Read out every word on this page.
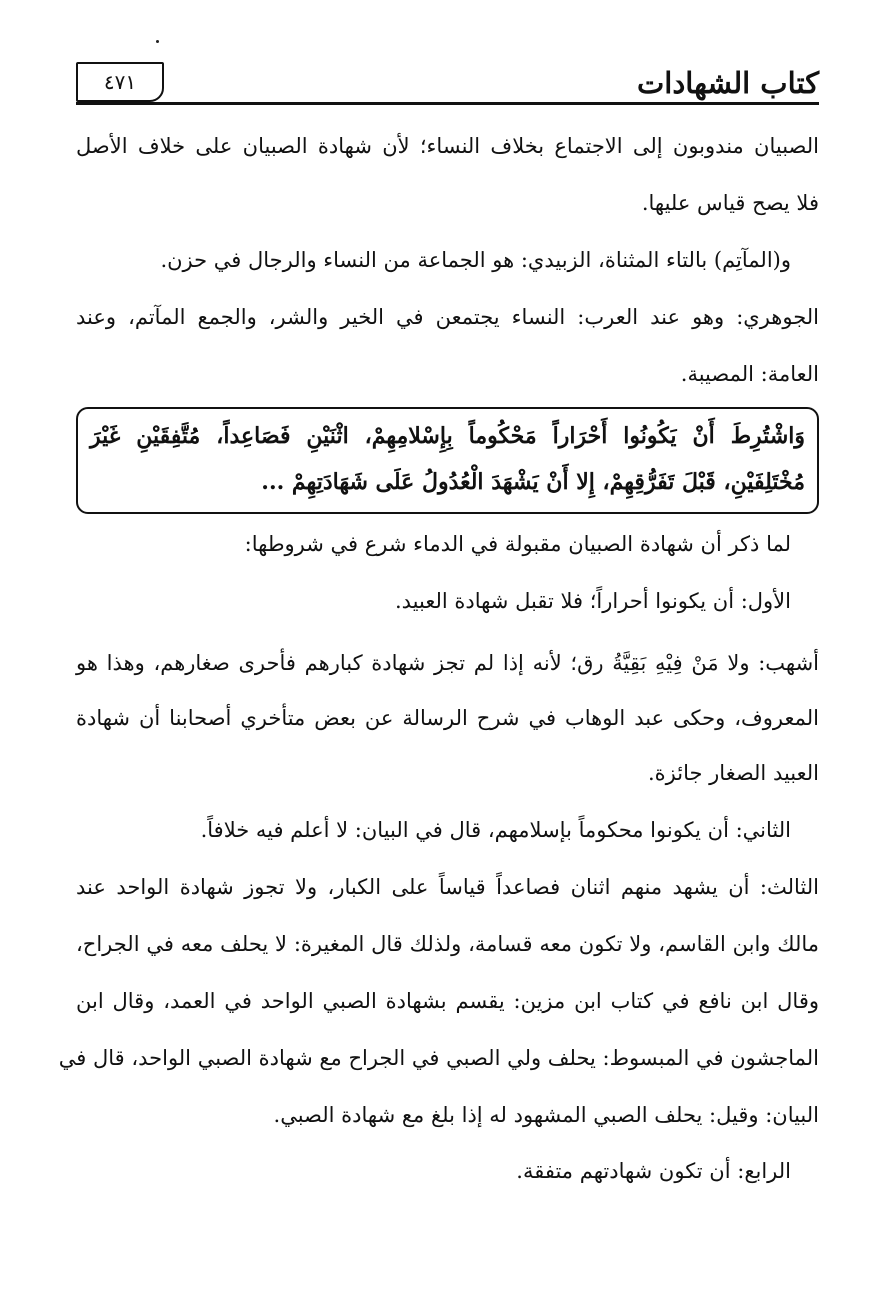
كتاب الشهادات
٤٧١
الصبيان مندوبون إلى الاجتماع بخلاف النساء؛ لأن شهادة الصبيان على خلاف الأصل
فلا يصح قياس عليها.
و(المآتِم) بالتاء المثناة، الزبيدي: هو الجماعة من النساء والرجال في حزن.
الجوهري: وهو عند العرب: النساء يجتمعن في الخير والشر، والجمع المآتم، وعند
العامة: المصيبة.
وَاشْتُرِطَ أَنْ يَكُونُوا أَحْرَاراً مَحْكُوماً بِإِسْلامِهِمْ، اثْنَيْنِ فَصَاعِداً، مُتَّفِقَيْنِ غَيْرَ
مُخْتَلِفَيْنِ، قَبْلَ تَفَرُّقِهِمْ، إِلا أَنْ يَشْهَدَ الْعُدُولُ عَلَى شَهَادَتِهِمْ ...
لما ذكر أن شهادة الصبيان مقبولة في الدماء شرع في شروطها:
الأول: أن يكونوا أحراراً؛ فلا تقبل شهادة العبيد.
أشهب: ولا مَنْ فِيْهِ بَقِيَّةُ رق؛ لأنه إذا لم تجز شهادة كبارهم فأحرى صغارهم، وهذا هو
المعروف، وحكى عبد الوهاب في شرح الرسالة عن بعض متأخري أصحابنا أن شهادة
العبيد الصغار جائزة.
الثاني: أن يكونوا محكوماً بإسلامهم، قال في البيان: لا أعلم فيه خلافاً.
الثالث: أن يشهد منهم اثنان فصاعداً قياساً على الكبار، ولا تجوز شهادة الواحد عند
مالك وابن القاسم، ولا تكون معه قسامة، ولذلك قال المغيرة: لا يحلف معه في الجراح،
وقال ابن نافع في كتاب ابن مزين: يقسم بشهادة الصبي الواحد في العمد، وقال ابن
الماجشون في المبسوط: يحلف ولي الصبي في الجراح مع شهادة الصبي الواحد، قال في
البيان: وقيل: يحلف الصبي المشهود له إذا بلغ مع شهادة الصبي.
الرابع: أن تكون شهادتهم متفقة.
